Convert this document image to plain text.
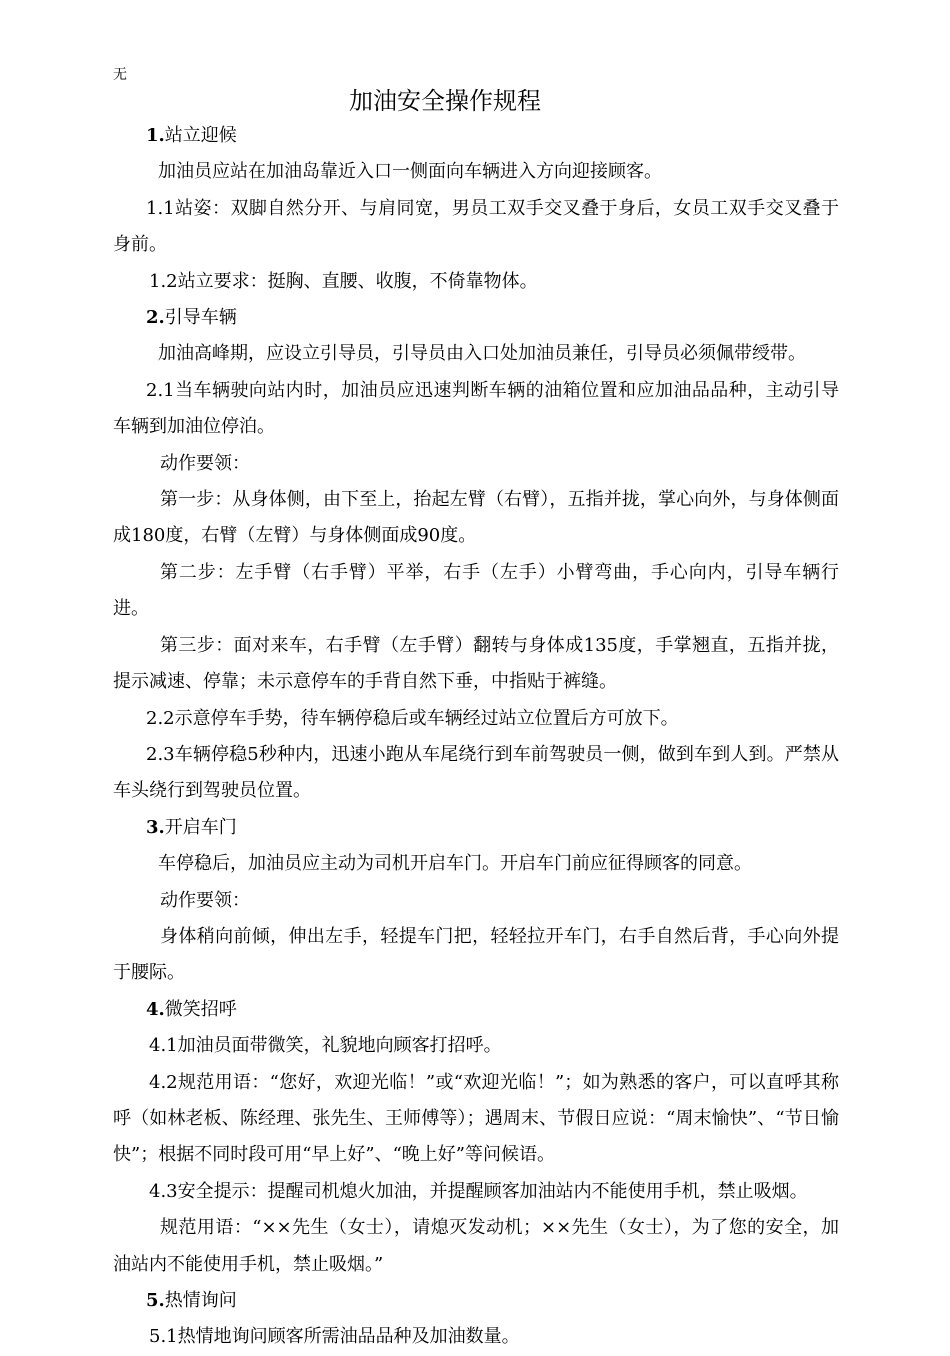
无
加油安全操作规程

1.站立迎候

加油员应站在加油岛靠近入口一侧面向车辆进入方向迎接顾客。

1.1站姿：双脚自然分开、与肩同宽，男员工双手交叉叠于身后，女员工双手交叉叠于身前。

1.2站立要求：挺胸、直腰、收腹，不倚靠物体。

2.引导车辆

加油高峰期，应设立引导员，引导员由入口处加油员兼任，引导员必须佩带绶带。

2.1当车辆驶向站内时，加油员应迅速判断车辆的油箱位置和应加油品品种，主动引导车辆到加油位停泊。

动作要领：

第一步：从身体侧，由下至上，抬起左臂（右臂），五指并拢，掌心向外，与身体侧面成180度，右臂（左臂）与身体侧面成90度。

第二步：左手臂（右手臂）平举，右手（左手）小臂弯曲，手心向内，引导车辆行进。

第三步：面对来车，右手臂（左手臂）翻转与身体成135度，手掌翘直，五指并拢，提示减速、停靠；未示意停车的手背自然下垂，中指贴于裤缝。

2.2示意停车手势，待车辆停稳后或车辆经过站立位置后方可放下。

2.3车辆停稳5秒种内，迅速小跑从车尾绕行到车前驾驶员一侧，做到车到人到。严禁从车头绕行到驾驶员位置。

3.开启车门

车停稳后，加油员应主动为司机开启车门。开启车门前应征得顾客的同意。

动作要领：

身体稍向前倾，伸出左手，轻提车门把，轻轻拉开车门，右手自然后背，手心向外提于腰际。

4.微笑招呼

4.1加油员面带微笑，礼貌地向顾客打招呼。

4.2规范用语：“您好，欢迎光临！”或“欢迎光临！”；如为熟悉的客户，可以直呼其称呼（如林老板、陈经理、张先生、王师傅等）；遇周末、节假日应说：“周末愉快”、“节日愉快”；根据不同时段可用“早上好”、“晚上好”等问候语。

4.3安全提示：提醒司机熄火加油，并提醒顾客加油站内不能使用手机，禁止吸烟。

规范用语：“××先生（女士），请熄灭发动机；××先生（女士），为了您的安全，加油站内不能使用手机，禁止吸烟。”

5.热情询问

5.1热情地询问顾客所需油品品种及加油数量。
